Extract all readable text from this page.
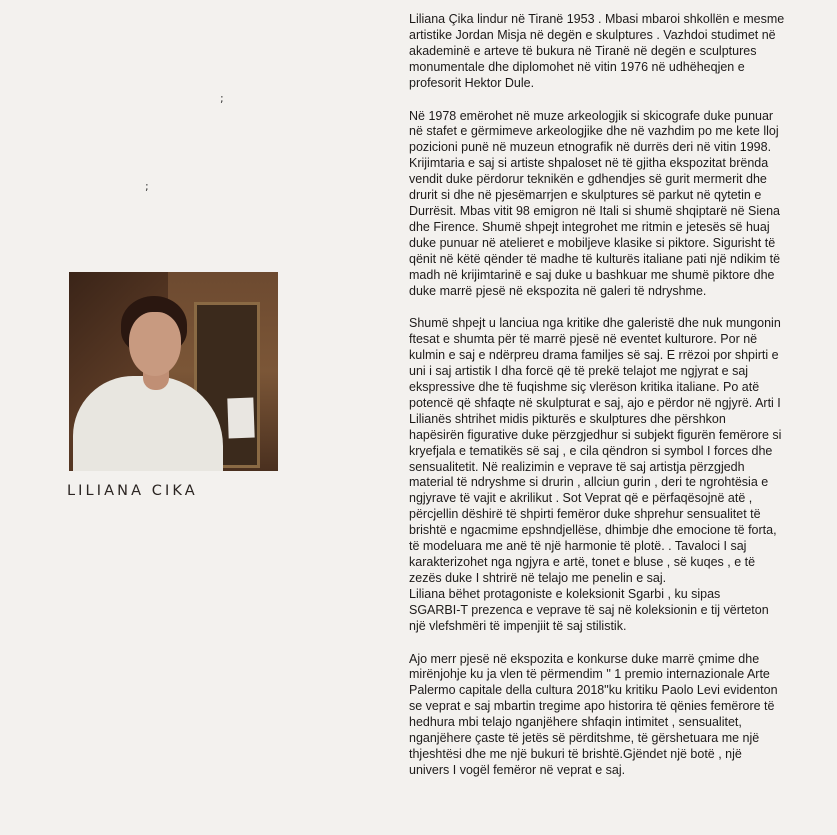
;
;
LILIANA CIKA
Liliana Çika lindur në Tiranë 1953 . Mbasi mbaroi shkollën e mesme
artistike Jordan Misja në degën e skulptures . Vazhdoi studimet në
akademinë e arteve të bukura në Tiranë në degën e sculptures
monumentale dhe diplomohet në vitin 1976 në udhëheqjen e
profesorit Hektor Dule.
Në 1978 emërohet në muze arkeologjik si skicografe duke punuar
në stafet e gërmimeve arkeologjike dhe në vazhdim po me kete lloj
pozicioni punë në muzeun etnografik në durrës deri në vitin 1998.
Krijimtaria e saj si artiste shpaloset në të gjitha ekspozitat brënda
vendit duke përdorur teknikën e gdhendjes së gurit mermerit dhe
drurit si dhe në pjesëmarrjen e skulptures së parkut në qytetin e
Durrësit. Mbas vitit 98 emigron në Itali si shumë shqiptarë në Siena
dhe Firence. Shumë shpejt integrohet me ritmin e jetesës së huaj
duke punuar në atelieret e mobiljeve klasike si piktore. Sigurisht të
qënit në këtë qënder të madhe të kulturës italiane pati një ndikim të
madh në krijimtarinë e saj duke u bashkuar me shumë piktore dhe
duke marrë pjesë në ekspozita në galeri të ndryshme.
Shumë shpejt u lanciua nga kritike dhe galeristë dhe nuk mungonin
ftesat e shumta për të marrë pjesë në eventet kulturore. Por në
kulmin e saj e ndërpreu drama familjes së saj. E rrëzoi por shpirti e
uni i saj artistik I dha forcë që të prekë telajot me ngjyrat e saj
ekspressive dhe të fuqishme siç vlerëson kritika italiane. Po atë
potencë që shfaqte në skulpturat e saj, ajo e përdor në ngjyrë. Arti I
Lilianës shtrihet midis pikturës e skulptures dhe përshkon
hapësirën figurative duke përzgjedhur si subjekt figurën femërore si
kryefjala e tematikës së saj , e cila qëndron si symbol I forces dhe
sensualitetit. Në realizimin e veprave të saj artistja përzgjedh
material të ndryshme si drurin , allciun gurin , deri te ngrohtësia e
ngjyrave të vajit e akrilikut . Sot Veprat që e përfaqësojnë atë ,
përcjellin dëshirë të shpirti femëror duke shprehur sensualitet të
brishtë e ngacmime epshndjellëse, dhimbje dhe emocione të forta,
të modeluara me anë të një harmonie të plotë. . Tavaloci I saj
karakterizohet nga ngjyra e artë, tonet e bluse , së kuqes , e të
zezës duke I shtrirë në telajo me penelin e saj.
Liliana bëhet protagoniste e koleksionit Sgarbi , ku sipas
SGARBI-T prezenca e veprave të saj në koleksionin e tij vërteton
një vlefshmëri të impenjiit të saj stilistik.
Ajo merr pjesë në ekspozita e konkurse duke marrë çmime dhe
mirënjohje ku ja vlen të përmendim " 1 premio internazionale Arte
Palermo capitale della cultura 2018"ku kritiku Paolo Levi evidenton
se veprat e saj mbartin tregime apo historira të qënies femërore të
hedhura mbi telajo nganjëhere shfaqin intimitet , sensualitet,
nganjëhere çaste të jetës së përditshme, të gërshetuara me një
thjeshtësi dhe me një bukuri të brishtë.Gjëndet një botë , një
univers I vogël femëror në veprat e saj.
